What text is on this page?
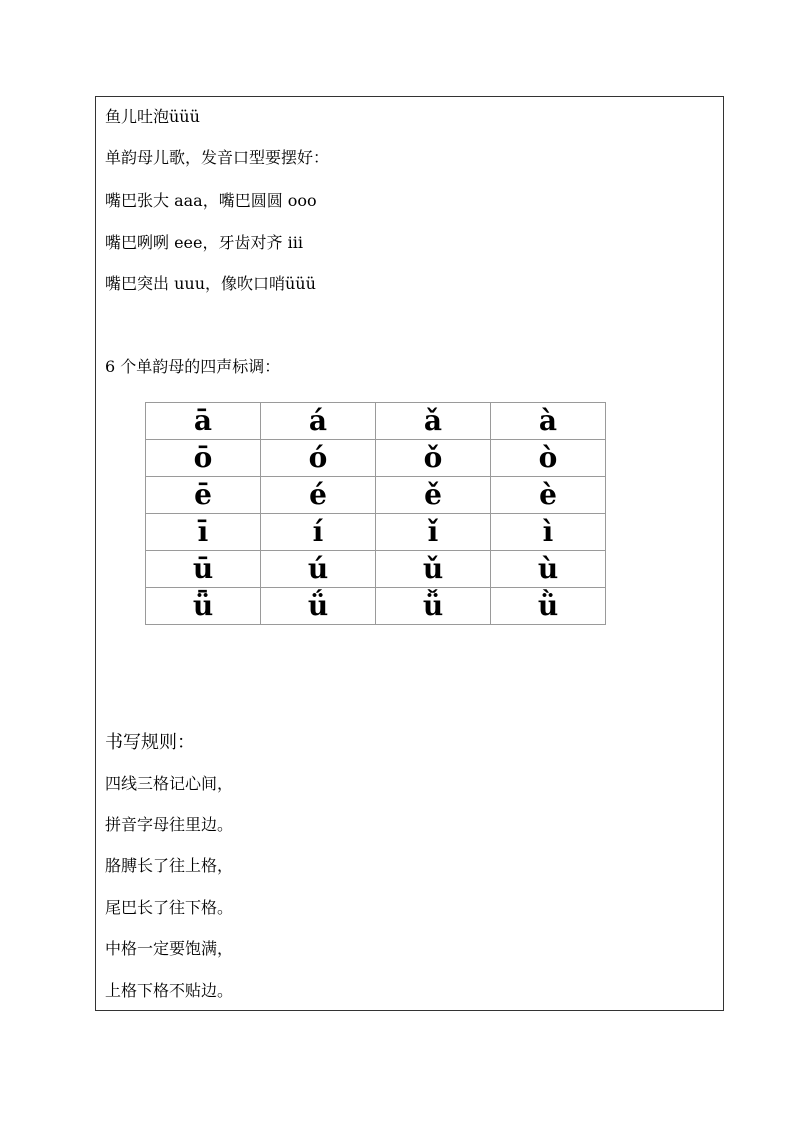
鱼儿吐泡üüü
单韵母儿歌，发音口型要摆好：
嘴巴张大 aaa，嘴巴圆圆 ooo
嘴巴咧咧 eee，牙齿对齐 iii
嘴巴突出 uuu，像吹口哨üüü
6 个单韵母的四声标调：
ā	á	ǎ	à
ō	ó	ǒ	ò
ē	é	ě	è
ī	í	ǐ	ì
ū	ú	ǔ	ù
ǖ	ǘ	ǚ	ǜ
书写规则：
四线三格记心间，
拼音字母往里边。
胳膊长了往上格，
尾巴长了往下格。
中格一定要饱满，
上格下格不贴边。
